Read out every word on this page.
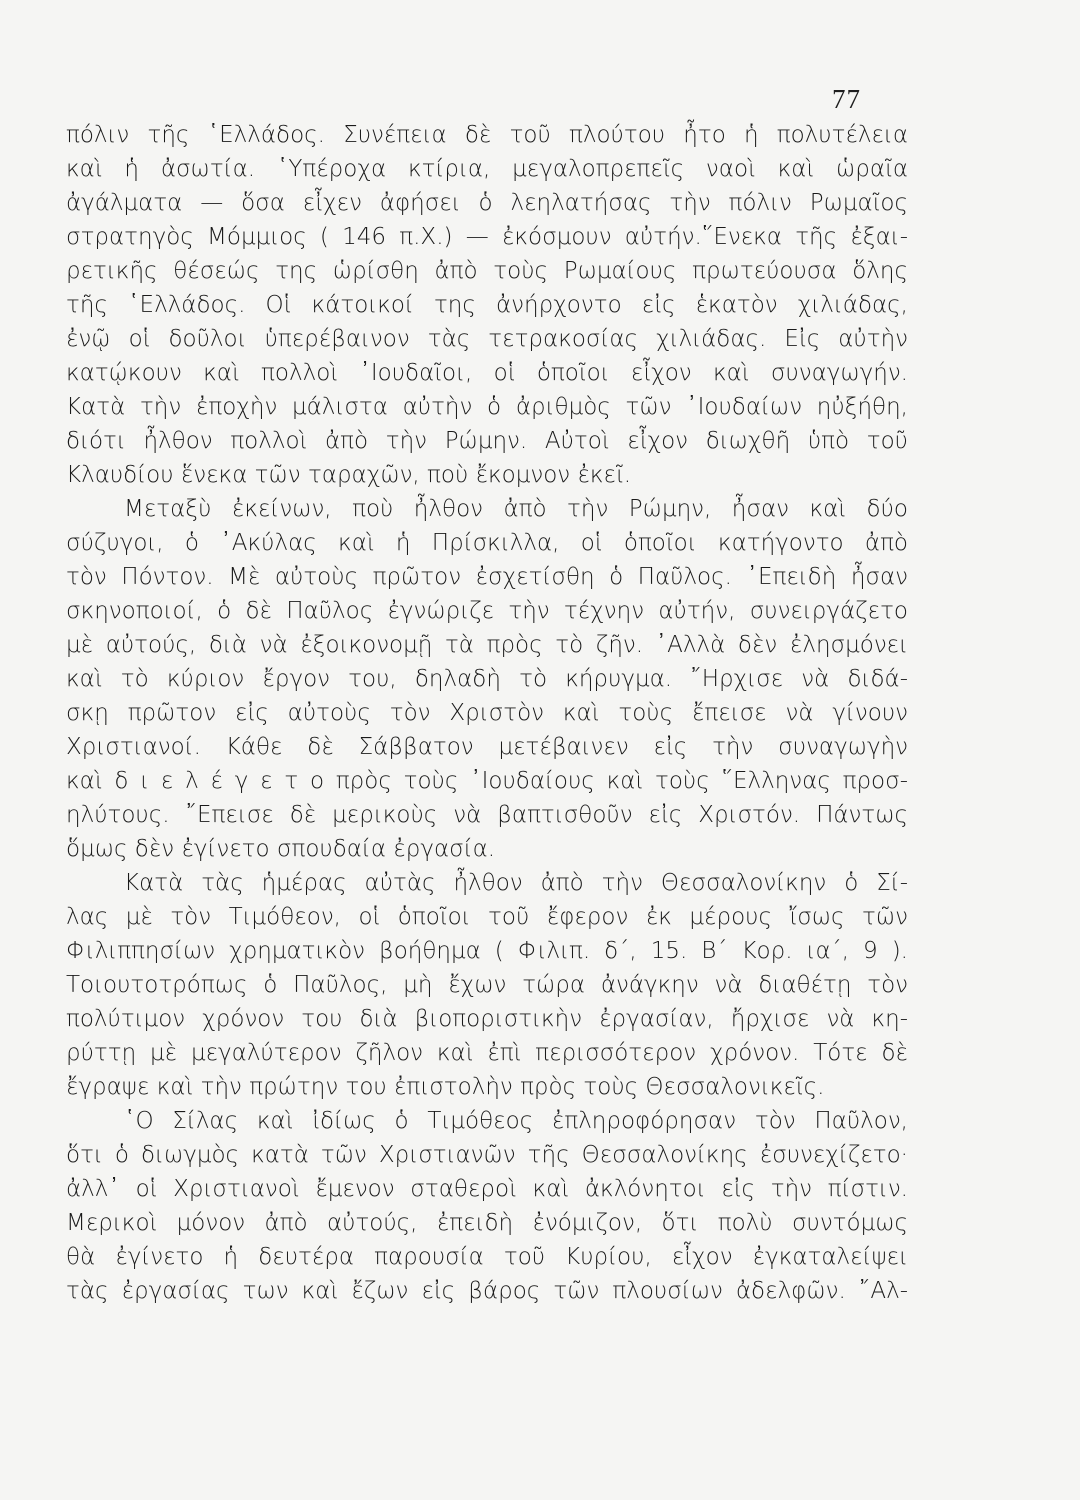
77
πόλιν τῆς ῾Ελλάδος. Συνέπεια δὲ τοῦ πλούτου ἦτο ἡ πολυτέλεια
καὶ ἡ ἀσωτία. ῾Υπέροχα κτίρια, μεγαλοπρεπεῖς ναοὶ καὶ ὡραῖα
ἀγάλματα — ὅσα εἶχεν ἀφήσει ὁ λεηλατήσας τὴν πόλιν Ρωμαῖος
στρατηγὸς Μόμμιος ( 146 π.Χ.) — ἐκόσμουν αὐτήν.῞Ενεκα τῆς ἐξαι-
ρετικῆς θέσεώς της ὡρίσθη ἀπὸ τοὺς Ρωμαίους πρωτεύουσα ὅλης
τῆς ῾Ελλάδος. Οἱ κάτοικοί της ἀνήρχοντο εἰς ἑκατὸν χιλιάδας,
ἐνῷ οἱ δοῦλοι ὑπερέβαινον τὰς τετρακοσίας χιλιάδας. Εἰς αὐτὴν
κατῴκουν καὶ πολλοὶ ᾿Ιουδαῖοι, οἱ ὁποῖοι εἶχον καὶ συναγωγήν.
Κατὰ τὴν ἐποχὴν μάλιστα αὐτὴν ὁ ἀριθμὸς τῶν ᾿Ιουδαίων ηὐξήθη,
διότι ἦλθον πολλοὶ ἀπὸ τὴν Ρώμην. Αὐτοὶ εἶχον διωχθῆ ὑπὸ τοῦ
Κλαυδίου ἕνεκα τῶν ταραχῶν, ποὺ ἔκομνον ἐκεῖ.
Μεταξὺ ἐκείνων, ποὺ ἦλθον ἀπὸ τὴν Ρώμην, ἦσαν καὶ δύο
σύζυγοι, ὁ ᾿Ακύλας καὶ ἡ Πρίσκιλλα, οἱ ὁποῖοι κατήγοντο ἀπὸ
τὸν Πόντον. Μὲ αὐτοὺς πρῶτον ἐσχετίσθη ὁ Παῦλος. ᾿Επειδὴ ἦσαν
σκηνοποιοί, ὁ δὲ Παῦλος ἐγνώριζε τὴν τέχνην αὐτήν, συνειργάζετο
μὲ αὐτούς, διὰ νὰ ἐξοικονομῇ τὰ πρὸς τὸ ζῆν. ᾿Αλλὰ δὲν ἐλησμόνει
καὶ τὸ κύριον ἔργον του, δηλαδὴ τὸ κήρυγμα. ῎Ηρχισε νὰ διδά-
σκῃ πρῶτον εἰς αὐτοὺς τὸν Χριστὸν καὶ τοὺς ἔπεισε νὰ γίνουν
Χριστιανοί. Κάθε δὲ Σάββατον μετέβαινεν εἰς τὴν συναγωγὴν
καὶ δ ι ε λ έ γ ε τ ο πρὸς τοὺς ᾿Ιουδαίους καὶ τοὺς ῞Ελληνας προσ-
ηλύτους. ῎Επεισε δὲ μερικοὺς νὰ βαπτισθοῦν εἰς Χριστόν. Πάντως
ὅμως δὲν ἐγίνετο σπουδαία ἐργασία.
Κατὰ τὰς ἡμέρας αὐτὰς ἦλθον ἀπὸ τὴν Θεσσαλονίκην ὁ Σί-
λας μὲ τὸν Τιμόθεον, οἱ ὁποῖοι τοῦ ἔφερον ἐκ μέρους ἴσως τῶν
Φιλιππησίων χρηματικὸν βοήθημα ( Φιλιπ. δ΄, 15. Β΄ Κορ. ια΄, 9 ).
Τοιουτοτρόπως ὁ Παῦλος, μὴ ἔχων τώρα ἀνάγκην νὰ διαθέτῃ τὸν
πολύτιμον χρόνον του διὰ βιοποριστικὴν ἐργασίαν, ἤρχισε νὰ κη-
ρύττῃ μὲ μεγαλύτερον ζῆλον καὶ ἐπὶ περισσότερον χρόνον. Τότε δὲ
ἔγραψε καὶ τὴν πρώτην του ἐπιστολὴν πρὸς τοὺς Θεσσαλονικεῖς.
῾Ο Σίλας καὶ ἰδίως ὁ Τιμόθεος ἐπληροφόρησαν τὸν Παῦλον,
ὅτι ὁ διωγμὸς κατὰ τῶν Χριστιανῶν τῆς Θεσσαλονίκης ἐσυνεχίζετο·
ἀλλ᾿ οἱ Χριστιανοὶ ἔμενον σταθεροὶ καὶ ἀκλόνητοι εἰς τὴν πίστιν.
Μερικοὶ μόνον ἀπὸ αὐτούς, ἐπειδὴ ἐνόμιζον, ὅτι πολὺ συντόμως
θὰ ἐγίνετο ἡ δευτέρα παρουσία τοῦ Κυρίου, εἶχον ἐγκαταλείψει
τὰς ἐργασίας των καὶ ἔζων εἰς βάρος τῶν πλουσίων ἀδελφῶν. ῎Αλ-
